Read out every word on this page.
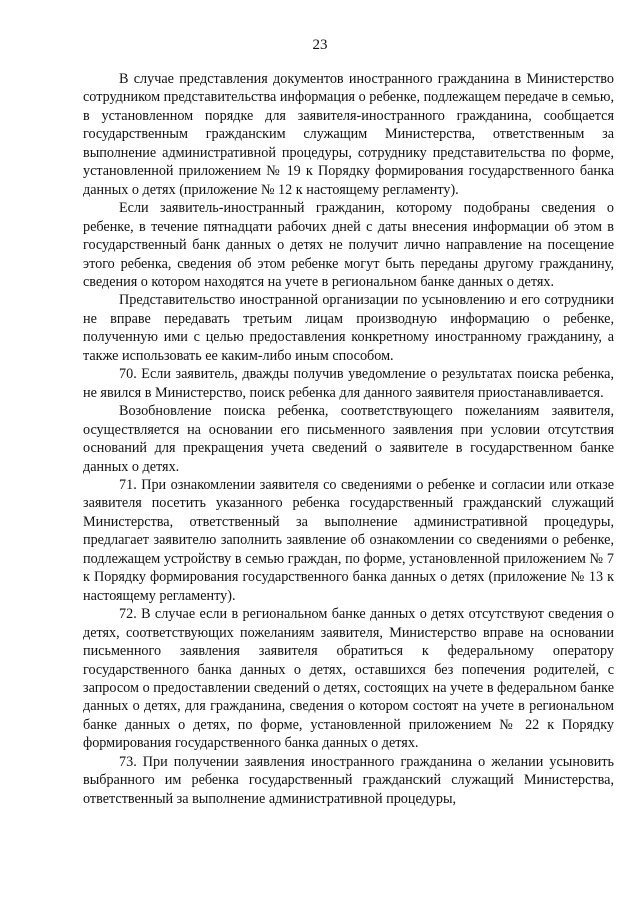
23

В случае представления документов иностранного гражданина в Министерство сотрудником представительства информация о ребенке, подлежащем передаче в семью, в установленном порядке для заявителя-иностранного гражданина, сообщается государственным гражданским служащим Министерства, ответственным за выполнение административной процедуры, сотруднику представительства по форме, установленной приложением № 19 к Порядку формирования государственного банка данных о детях (приложение № 12 к настоящему регламенту).

Если заявитель-иностранный гражданин, которому подобраны сведения о ребенке, в течение пятнадцати рабочих дней с даты внесения информации об этом в государственный банк данных о детях не получит лично направление на посещение этого ребенка, сведения об этом ребенке могут быть переданы другому гражданину, сведения о котором находятся на учете в региональном банке данных о детях.

Представительство иностранной организации по усыновлению и его сотрудники не вправе передавать третьим лицам производную информацию о ребенке, полученную ими с целью предоставления конкретному иностранному гражданину, а также использовать ее каким-либо иным способом.

70. Если заявитель, дважды получив уведомление о результатах поиска ребенка, не явился в Министерство, поиск ребенка для данного заявителя приостанавливается.

Возобновление поиска ребенка, соответствующего пожеланиям заявителя, осуществляется на основании его письменного заявления при условии отсутствия оснований для прекращения учета сведений о заявителе в государственном банке данных о детях.

71. При ознакомлении заявителя со сведениями о ребенке и согласии или отказе заявителя посетить указанного ребенка государственный гражданский служащий Министерства, ответственный за выполнение административной процедуры, предлагает заявителю заполнить заявление об ознакомлении со сведениями о ребенке, подлежащем устройству в семью граждан, по форме, установленной приложением № 7 к Порядку формирования государственного банка данных о детях (приложение № 13 к настоящему регламенту).

72. В случае если в региональном банке данных о детях отсутствуют сведения о детях, соответствующих пожеланиям заявителя, Министерство вправе на основании письменного заявления заявителя обратиться к федеральному оператору государственного банка данных о детях, оставшихся без попечения родителей, с запросом о предоставлении сведений о детях, состоящих на учете в федеральном банке данных о детях, для гражданина, сведения о котором состоят на учете в региональном банке данных о детях, по форме, установленной приложением № 22 к Порядку формирования государственного банка данных о детях.

73. При получении заявления иностранного гражданина о желании усыновить выбранного им ребенка государственный гражданский служащий Министерства, ответственный за выполнение административной процедуры,
